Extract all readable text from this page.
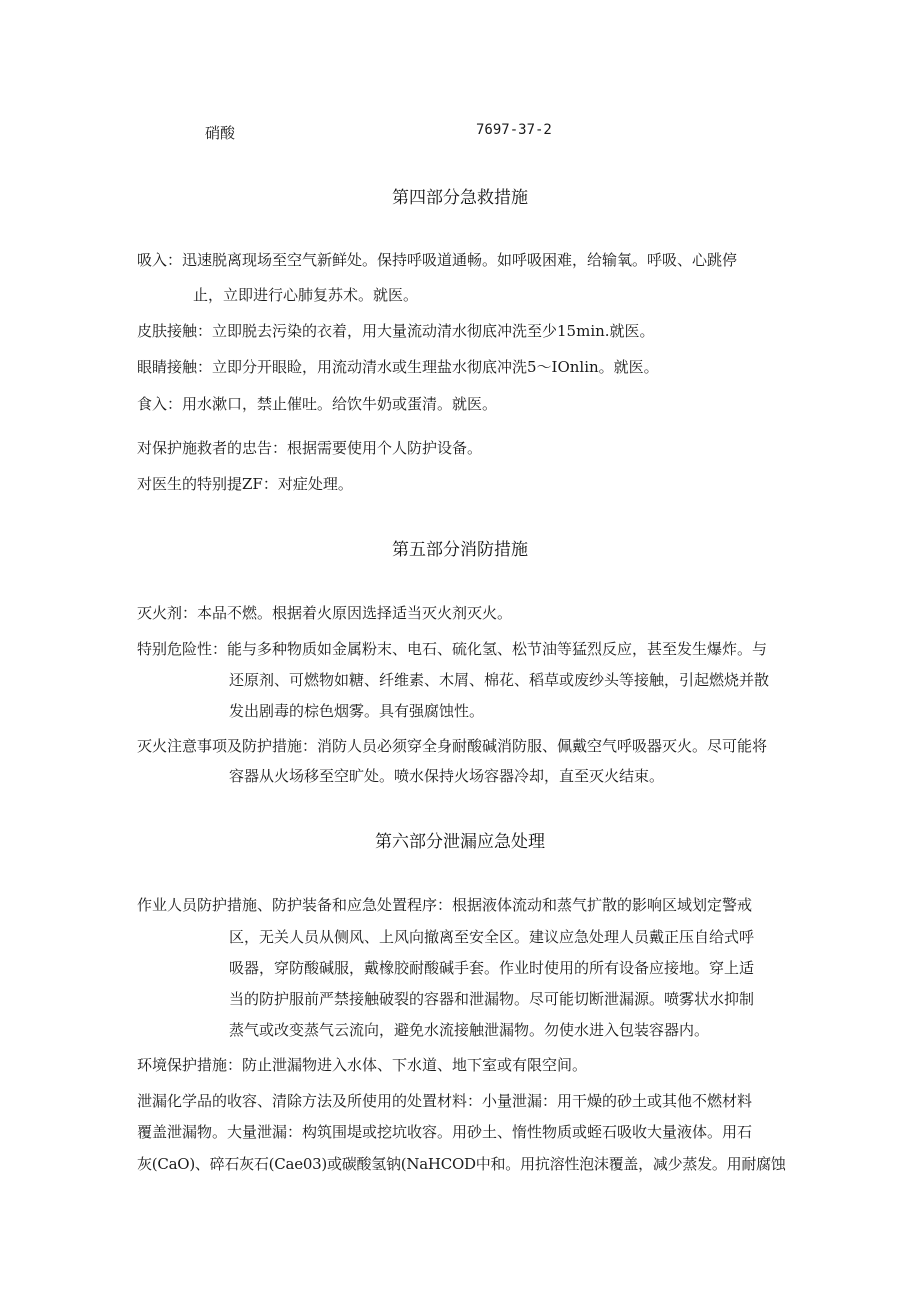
硝酸	7697-37-2
第四部分急救措施
吸入：迅速脱离现场至空气新鲜处。保持呼吸道通畅。如呼吸困难，给输氧。呼吸、心跳停
止，立即进行心肺复苏术。就医。
皮肤接触：立即脱去污染的衣着，用大量流动清水彻底冲洗至少15min.就医。
眼睛接触：立即分开眼睑，用流动清水或生理盐水彻底冲洗5～IOnlin。就医。
食入：用水漱口，禁止催吐。给饮牛奶或蛋清。就医。
对保护施救者的忠告：根据需要使用个人防护设备。
对医生的特别提ZF：对症处理。
第五部分消防措施
灭火剂：本品不燃。根据着火原因选择适当灭火剂灭火。
特别危险性：能与多种物质如金属粉末、电石、硫化氢、松节油等猛烈反应，甚至发生爆炸。与
还原剂、可燃物如糖、纤维素、木屑、棉花、稻草或废纱头等接触，引起燃烧并散
发出剧毒的棕色烟雾。具有强腐蚀性。
灭火注意事项及防护措施：消防人员必须穿全身耐酸碱消防服、佩戴空气呼吸器灭火。尽可能将
容器从火场移至空旷处。喷水保持火场容器冷却，直至灭火结束。
第六部分泄漏应急处理
作业人员防护措施、防护装备和应急处置程序：根据液体流动和蒸气扩散的影响区域划定警戒
区，无关人员从侧风、上风向撤离至安全区。建议应急处理人员戴正压自给式呼
吸器，穿防酸碱服，戴橡胶耐酸碱手套。作业时使用的所有设备应接地。穿上适
当的防护服前严禁接触破裂的容器和泄漏物。尽可能切断泄漏源。喷雾状水抑制
蒸气或改变蒸气云流向，避免水流接触泄漏物。勿使水进入包装容器内。
环境保护措施：防止泄漏物进入水体、下水道、地下室或有限空间。
泄漏化学品的收容、清除方法及所使用的处置材料：小量泄漏：用干燥的砂土或其他不燃材料
覆盖泄漏物。大量泄漏：构筑围堤或挖坑收容。用砂土、惰性物质或蛭石吸收大量液体。用石
灰(CaO)、碎石灰石(Cae03)或碳酸氢钠(NaHCOD中和。用抗溶性泡沫覆盖，减少蒸发。用耐腐蚀
